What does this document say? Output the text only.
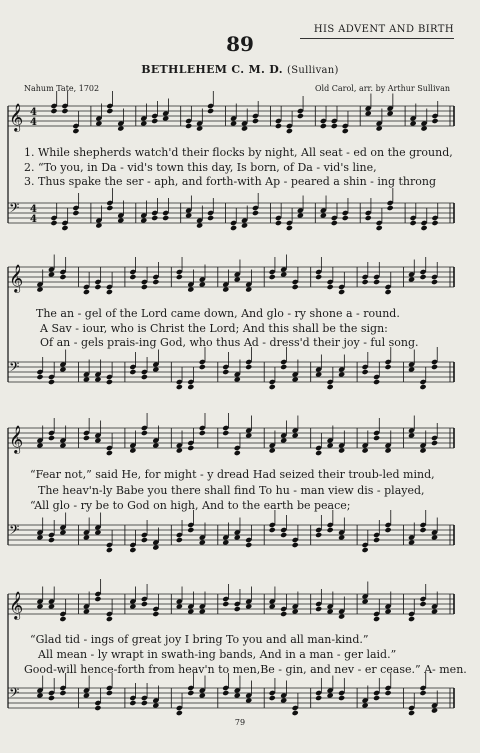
HIS ADVENT AND BIRTH
89
BETHLEHEM C. M. D. (Sullivan)
Nahum Tate, 1702	Old Carol, arr. by Arthur Sullivan
𝄞
𝄢
4
4
4
4
𝄞
𝄢
𝄞
𝄢
𝄞
𝄢
1. While shepherds watch'd their flocks by night, All seat - ed on the ground,
2. “To you, in Da - vid's town this day, Is born, of Da - vid's line,
3. Thus spake the ser - aph, and forth-with Ap - peared a shin - ing throng
The an - gel of the Lord came down, And glo - ry shone a - round.
A Sav - iour, who is Christ the Lord; And this shall be the sign:
Of an - gels prais-ing God, who thus Ad - dress'd their joy - ful song.
“Fear not,” said He, for might - y dread Had seized their troub-led mind,
The heav'n-ly Babe you there shall find To hu - man view dis - played,
“All glo - ry be to God on high, And to the earth be peace;
“Glad tid - ings of great joy I bring To you and all man-kind.”
All mean - ly wrapt in swath-ing bands, And in a man - ger laid.”
Good-will hence-forth from heav'n to men,Be - gin, and nev - er cease.” A- men.
79
